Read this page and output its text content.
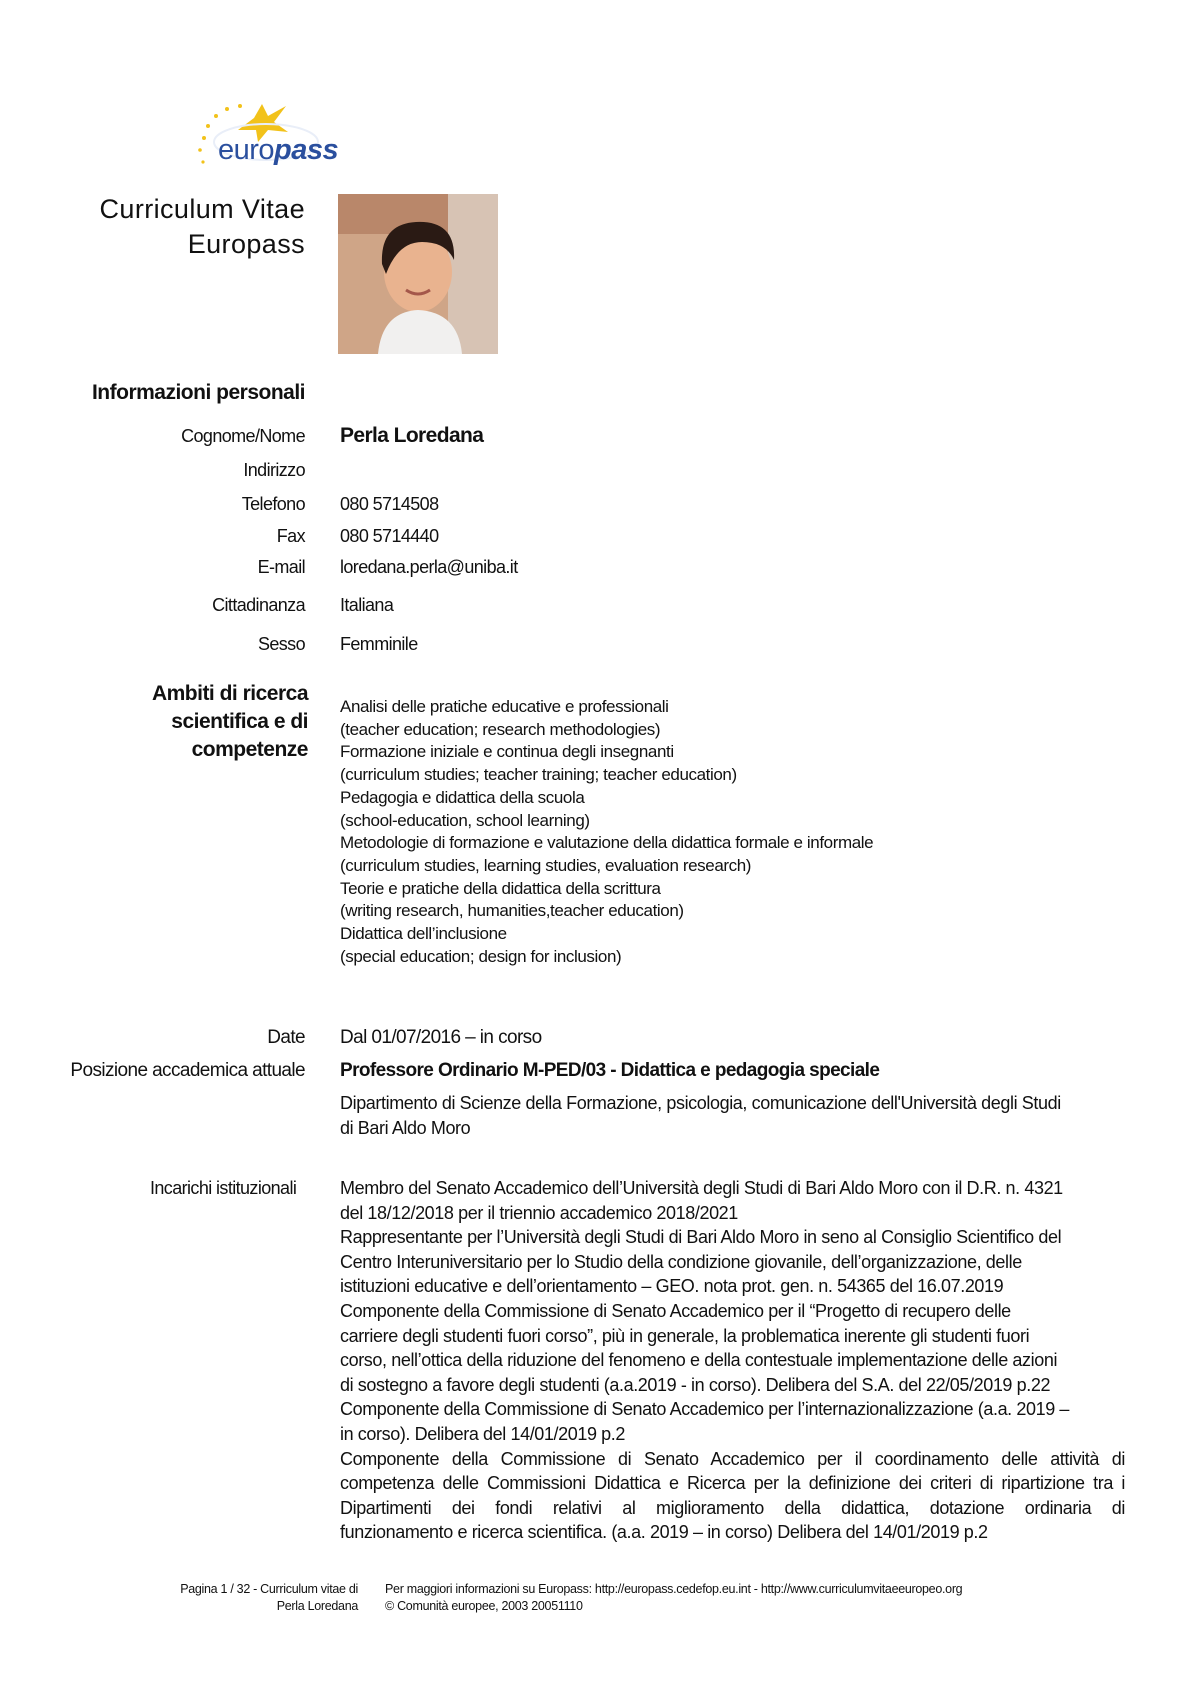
europass
Curriculum Vitae
Europass
Informazioni personali
Cognome/Nome Perla Loredana
Indirizzo
Telefono 080 5714508
Fax 080 5714440
E-mail loredana.perla@uniba.it
Cittadinanza Italiana
Sesso Femminile
Ambiti di ricerca
scientifica e di
competenze
Analisi delle pratiche educative e professionali
(teacher education; research methodologies)
Formazione iniziale e continua degli insegnanti
(curriculum studies; teacher training; teacher education)
Pedagogia e didattica della scuola
(school-education, school learning)
Metodologie di formazione e valutazione della didattica formale e informale
(curriculum studies, learning studies, evaluation research)
Teorie e pratiche della didattica della scrittura
(writing research, humanities,teacher education)
Didattica dell’inclusione
(special education; design for inclusion)
Date Dal 01/07/2016 – in corso
Posizione accademica attuale Professore Ordinario M-PED/03 - Didattica e pedagogia speciale
Dipartimento di Scienze della Formazione, psicologia, comunicazione dell'Università degli Studi
di Bari Aldo Moro
Incarichi istituzionali Membro del Senato Accademico dell’Università degli Studi di Bari Aldo Moro con il D.R. n. 4321
del 18/12/2018 per il triennio accademico 2018/2021
Rappresentante per l’Università degli Studi di Bari Aldo Moro in seno al Consiglio Scientifico del
Centro Interuniversitario per lo Studio della condizione giovanile, dell’organizzazione, delle
istituzioni educative e dell’orientamento – GEO. nota prot. gen. n. 54365 del 16.07.2019
Componente della Commissione di Senato Accademico per il “Progetto di recupero delle
carriere degli studenti fuori corso”, più in generale, la problematica inerente gli studenti fuori
corso, nell’ottica della riduzione del fenomeno e della contestuale implementazione delle azioni
di sostegno a favore degli studenti (a.a.2019 - in corso). Delibera del S.A. del 22/05/2019 p.22
Componente della Commissione di Senato Accademico per l’internazionalizzazione (a.a. 2019 –
in corso). Delibera del 14/01/2019 p.2
Componente della Commissione di Senato Accademico per il coordinamento delle attività di
competenza delle Commissioni Didattica e Ricerca per la definizione dei criteri di ripartizione tra i
Dipartimenti dei fondi relativi al miglioramento della didattica, dotazione ordinaria di
funzionamento e ricerca scientifica. (a.a. 2019 – in corso) Delibera del 14/01/2019 p.2
Pagina 1 / 32 - Curriculum vitae di
Perla Loredana
Per maggiori informazioni su Europass: http://europass.cedefop.eu.int - http://www.curriculumvitaeeuropeo.org
© Comunità europee, 2003 20051110
